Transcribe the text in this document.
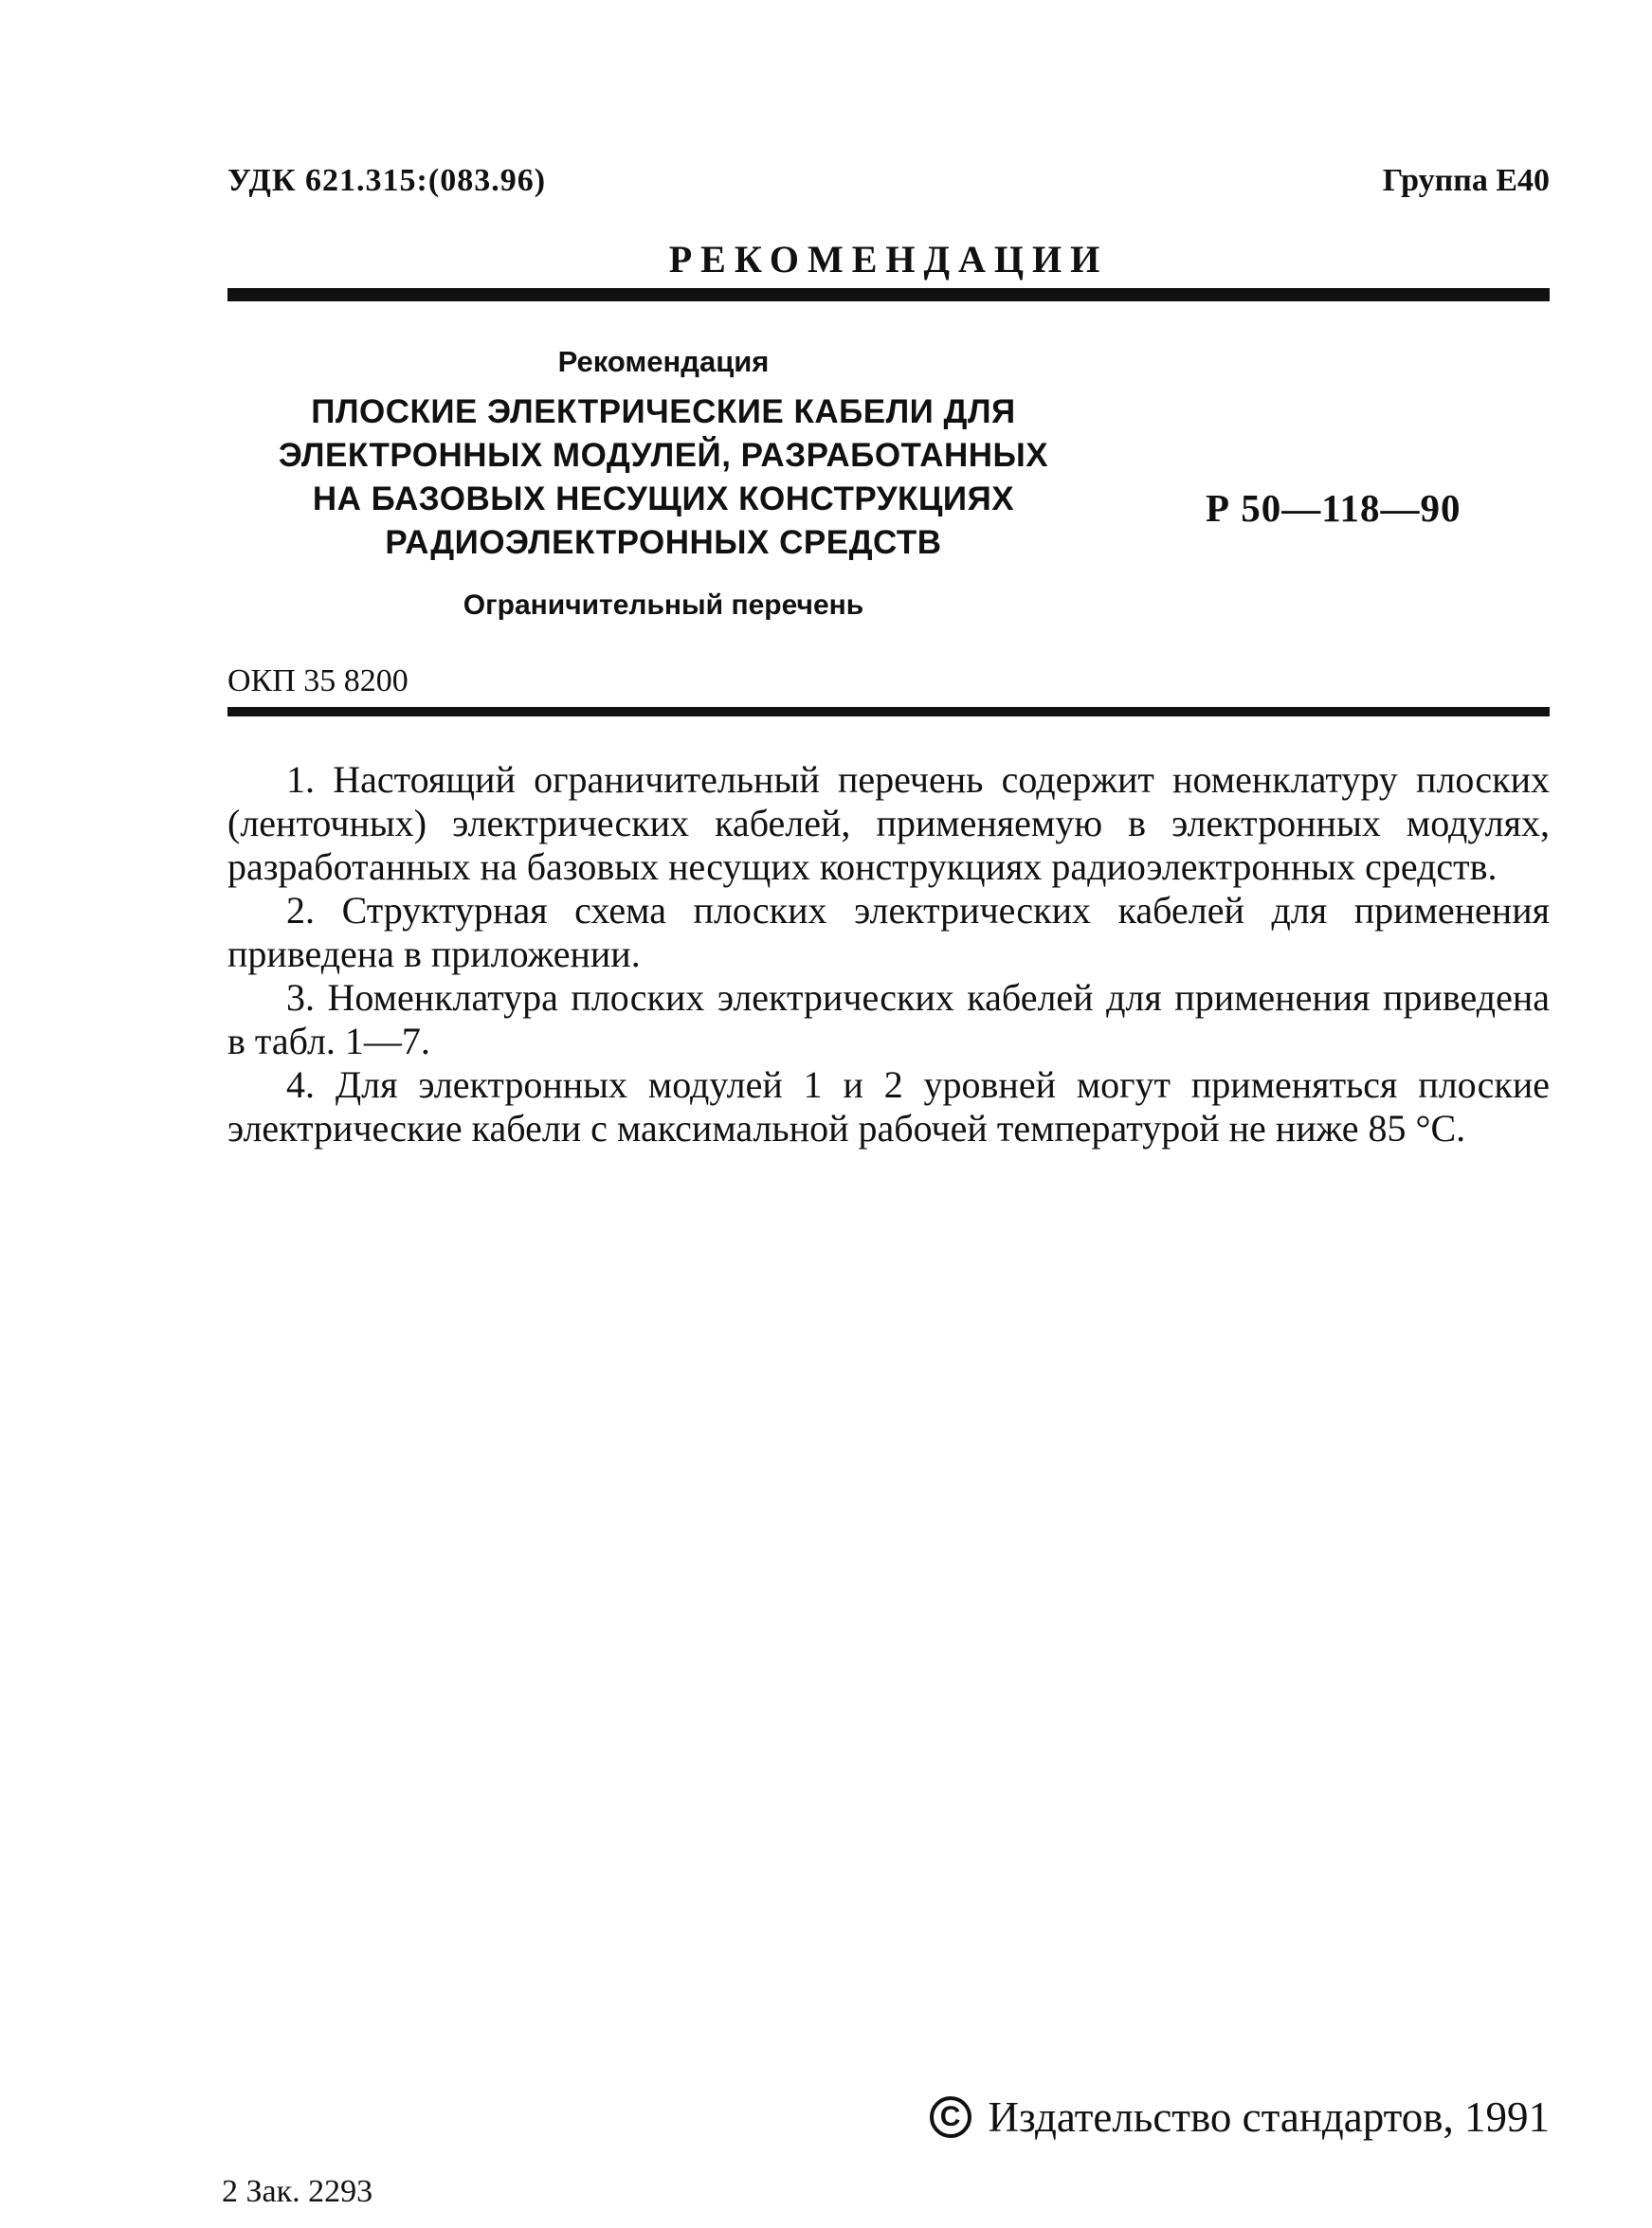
УДК 621.315:(083.96)	Группа Е40
РЕКОМЕНДАЦИИ
Рекомендация
ПЛОСКИЕ ЭЛЕКТРИЧЕСКИЕ КАБЕЛИ ДЛЯ
ЭЛЕКТРОННЫХ МОДУЛЕЙ, РАЗРАБОТАННЫХ
НА БАЗОВЫХ НЕСУЩИХ КОНСТРУКЦИЯХ
РАДИОЭЛЕКТРОННЫХ СРЕДСТВ
Р 50—118—90
Ограничительный перечень
ОКП 35 8200

1. Настоящий ограничительный перечень содержит номенклатуру плоских (ленточных) электрических кабелей, применяемую в электронных модулях, разработанных на базовых несущих конструкциях радиоэлектронных средств.

2. Структурная схема плоских электрических кабелей для применения приведена в приложении.

3. Номенклатура плоских электрических кабелей для применения приведена в табл. 1—7.

4. Для электронных модулей 1 и 2 уровней могут применяться плоские электрические кабели с максимальной рабочей температурой не ниже 85 °С.

C Издательство стандартов, 1991
2 Зак. 2293
